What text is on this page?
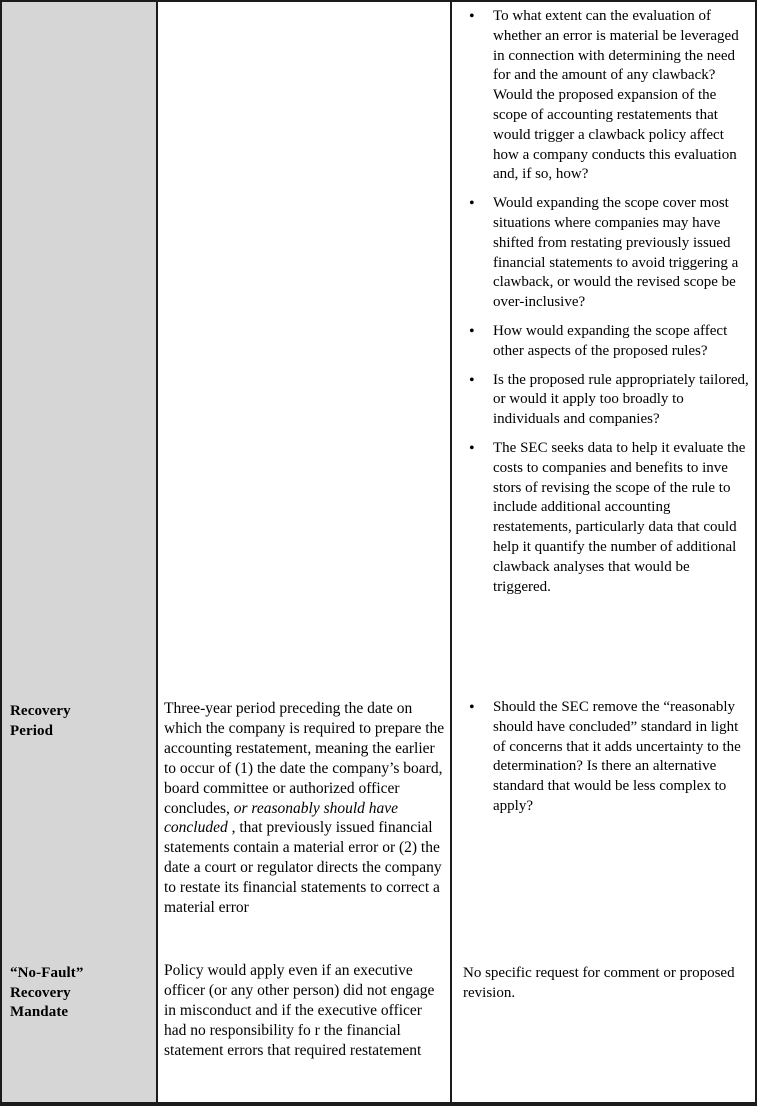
•
To what extent can the evaluation of whether an error is material be leveraged in connection with determining the need for and the amount of any clawback? Would the proposed expansion of the scope of accounting restatements that would trigger a clawback policy affect how a company conducts this evaluation and, if so, how?
•
Would expanding the scope cover most situations where companies may have shifted from restating previously issued financial statements to avoid triggering a clawback, or would the revised scope be over-inclusive?
•
How would expanding the scope affect other aspects of the proposed rules?
•
Is the proposed rule appropriately tailored, or would it apply too broadly to individuals and companies?
•
The SEC seeks data to help it evaluate the costs to companies and benefits to inve stors of revising the scope of the rule to include additional accounting restatements, particularly data that could help it quantify the number of additional clawback analyses that would be triggered.
Recovery Period

Three-year period preceding the date on which the company is required to prepare the accounting restatement, meaning the earlier to occur of (1) the date the company’s board, board committee or authorized officer concludes, or reasonably should have concluded , that previously issued financial statements contain a material error or (2) the date a court or regulator directs the company to restate its financial statements to correct a material error

•
Should the SEC remove the “reasonably should have concluded” standard in light of concerns that it adds uncertainty to the determination? Is there an alternative standard that would be less complex to apply?
“No-Fault” Recovery Mandate

Policy would apply even if an executive officer (or any other person) did not engage in misconduct and if the executive officer had no responsibility fo r the financial statement errors that required restatement

No specific request for comment or proposed revision.
